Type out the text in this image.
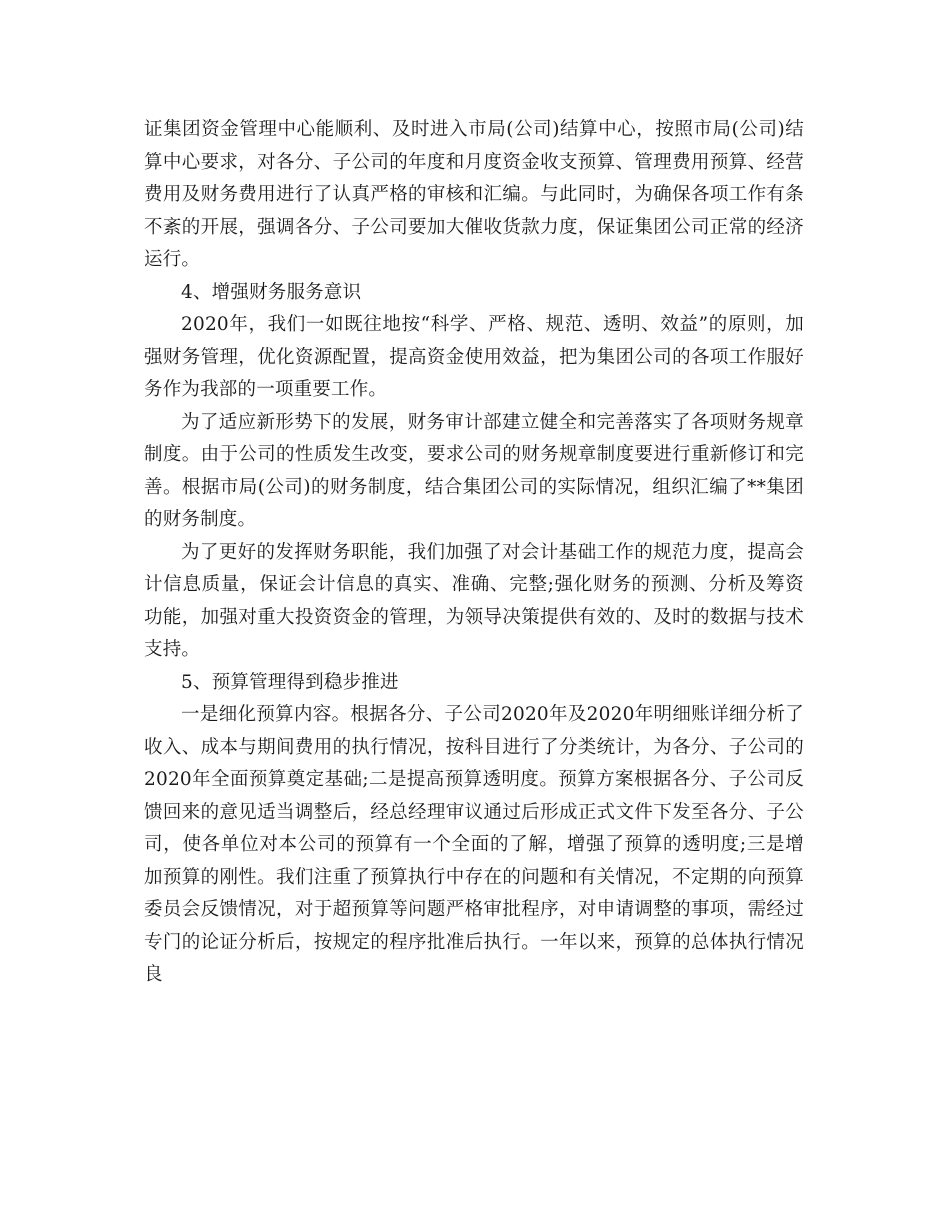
证集团资金管理中心能顺利、及时进入市局(公司)结算中心，按照市局(公司)结算中心要求，对各分、子公司的年度和月度资金收支预算、管理费用预算、经营费用及财务费用进行了认真严格的审核和汇编。与此同时，为确保各项工作有条不紊的开展，强调各分、子公司要加大催收货款力度，保证集团公司正常的经济运行。

4、增强财务服务意识

2020年，我们一如既往地按“科学、严格、规范、透明、效益”的原则，加强财务管理，优化资源配置，提高资金使用效益，把为集团公司的各项工作服好务作为我部的一项重要工作。

为了适应新形势下的发展，财务审计部建立健全和完善落实了各项财务规章制度。由于公司的性质发生改变，要求公司的财务规章制度要进行重新修订和完善。根据市局(公司)的财务制度，结合集团公司的实际情况，组织汇编了**集团的财务制度。

为了更好的发挥财务职能，我们加强了对会计基础工作的规范力度，提高会计信息质量，保证会计信息的真实、准确、完整;强化财务的预测、分析及筹资功能，加强对重大投资资金的管理，为领导决策提供有效的、及时的数据与技术支持。

5、预算管理得到稳步推进

一是细化预算内容。根据各分、子公司2020年及2020年明细账详细分析了收入、成本与期间费用的执行情况，按科目进行了分类统计，为各分、子公司的2020年全面预算奠定基础;二是提高预算透明度。预算方案根据各分、子公司反馈回来的意见适当调整后，经总经理审议通过后形成正式文件下发至各分、子公司，使各单位对本公司的预算有一个全面的了解，增强了预算的透明度;三是增加预算的刚性。我们注重了预算执行中存在的问题和有关情况，不定期的向预算委员会反馈情况，对于超预算等问题严格审批程序，对申请调整的事项，需经过专门的论证分析后，按规定的程序批准后执行。一年以来，预算的总体执行情况良
